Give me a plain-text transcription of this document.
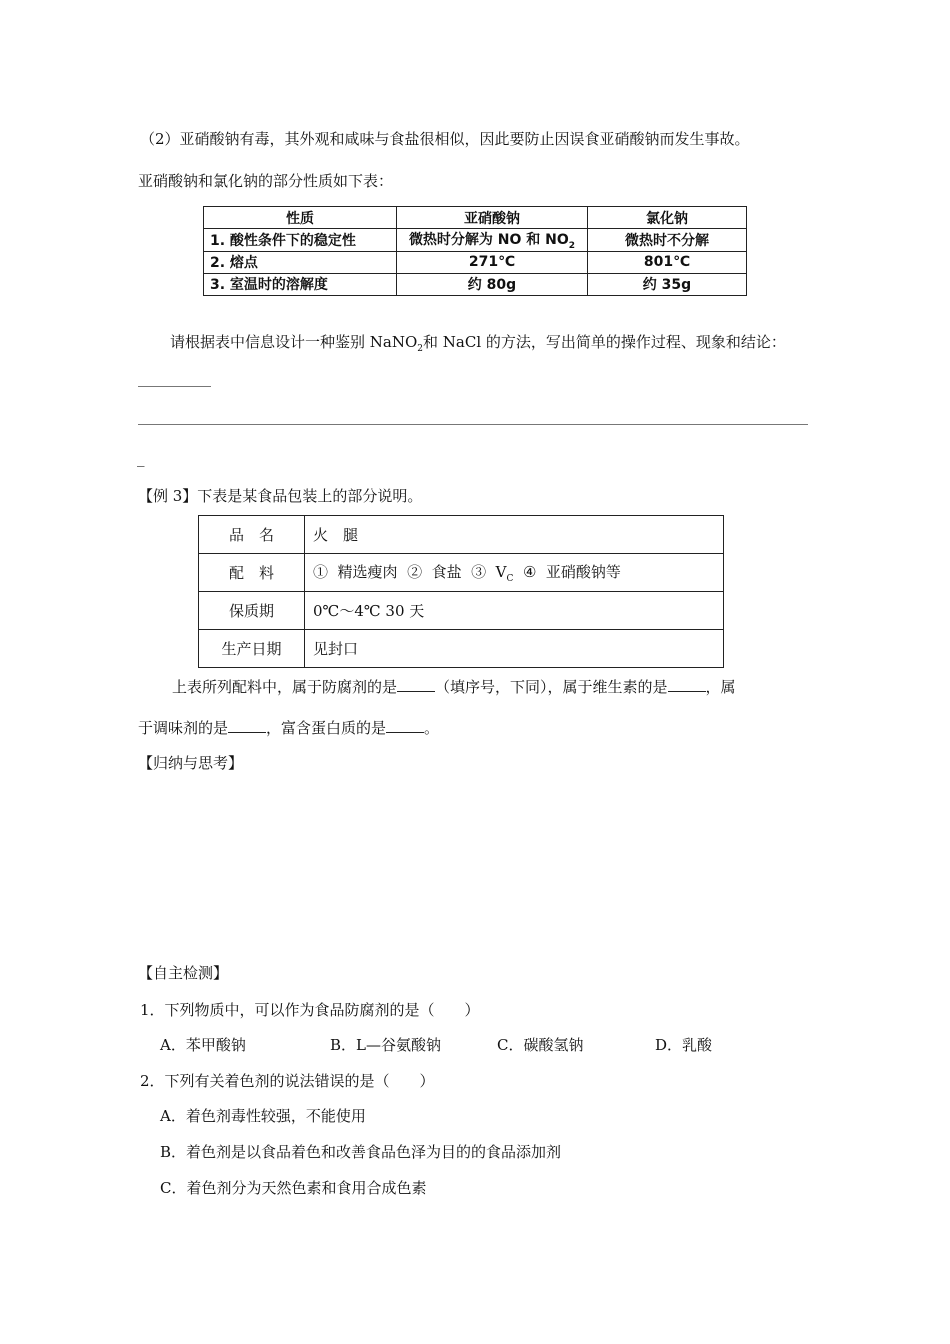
（2）亚硝酸钠有毒，其外观和咸味与食盐很相似，因此要防止因误食亚硝酸钠而发生事故。
亚硝酸钠和氯化钠的部分性质如下表：
性质	亚硝酸钠	氯化钠
1. 酸性条件下的稳定性	微热时分解为 NO 和 $NO_2$	微热时不分解
2. 熔点	271℃	801℃
3. 室温时的溶解度	约 80g	约 35g
请根据表中信息设计一种鉴别 NaNO$_2$和 NaCl 的方法，写出简单的操作过程、现象和结论：
_
【例 3】下表是某食品包装上的部分说明。
品　名	火　腿
配　料	①  精选瘦肉  ②  食盐  ③  $V_C$  ④  亚硝酸钠等
保质期	0℃～4℃ 30 天
生产日期	见封口
上表所列配料中，属于防腐剂的是	（填序号，下同），属于维生素的是	，属
于调味剂的是	，富含蛋白质的是	。
【归纳与思考】
【自主检测】
1．下列物质中，可以作为食品防腐剂的是（　　）
A．苯甲酸钠	B．L—谷氨酸钠	C．碳酸氢钠	D．乳酸
2．下列有关着色剂的说法错误的是（　　）
A．着色剂毒性较强，不能使用
B．着色剂是以食品着色和改善食品色泽为目的的食品添加剂
C．着色剂分为天然色素和食用合成色素
